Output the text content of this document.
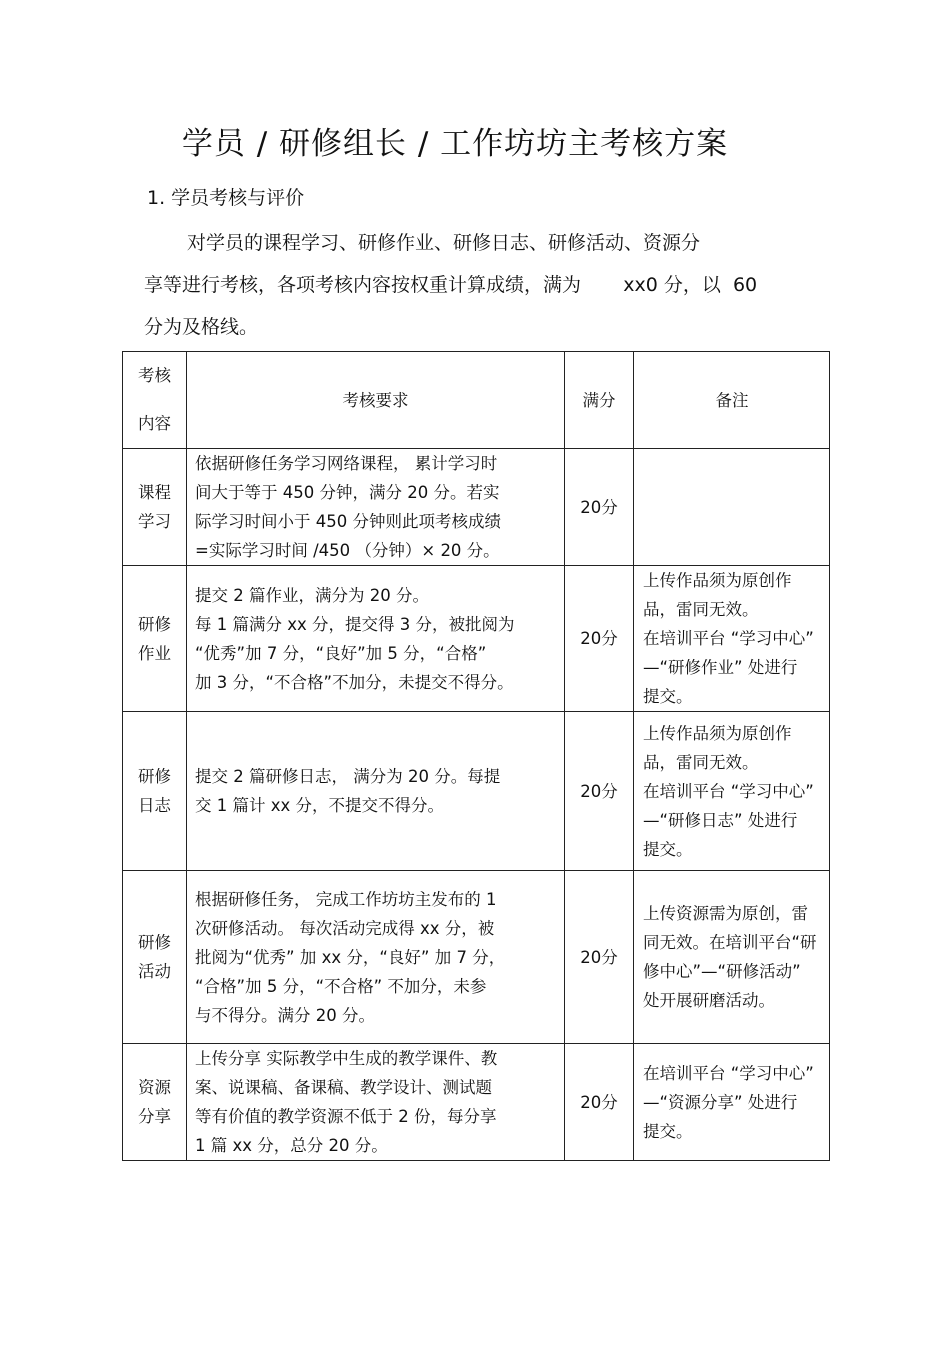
学员 / 研修组长 / 工作坊坊主考核方案

1. 学员考核与评价

对学员的课程学习、研修作业、研修日志、研修活动、资源分

享等进行考核，各项考核内容按权重计算成绩，满为       xx0 分，以  60

分为及格线。

考核
内容	考核要求	满分	备注

课程
学习	依据研修任务学习网络课程， 累计学习时
间大于等于 450 分钟，满分 20 分。若实
际学习时间小于 450 分钟则此项考核成绩
=实际学习时间 /450 （分钟）× 20 分。	20分	

研修
作业	提交 2 篇作业，满分为 20 分。
每 1 篇满分 xx 分，提交得 3 分，被批阅为
“优秀”加 7 分，“良好”加 5 分，“合格”
加 3 分，“不合格”不加分，未提交不得分。	20分	上传作品须为原创作
品，雷同无效。
在培训平台 “学习中心”
—“研修作业” 处进行
提交。

研修
日志	提交 2 篇研修日志， 满分为 20 分。每提
交 1 篇计 xx 分，不提交不得分。	20分	上传作品须为原创作
品，雷同无效。
在培训平台 “学习中心”
—“研修日志” 处进行
提交。

研修
活动	根据研修任务， 完成工作坊坊主发布的 1
次研修活动。 每次活动完成得 xx 分，被
批阅为“优秀” 加 xx 分，“良好” 加 7 分，
“合格”加 5 分，“不合格” 不加分，未参
与不得分。满分 20 分。	20分	上传资源需为原创，雷
同无效。在培训平台“研
修中心”—“研修活动”
处开展研磨活动。

资源
分享	上传分享 实际教学中生成的教学课件、教
案、说课稿、备课稿、教学设计、测试题
等有价值的教学资源不低于 2 份，每分享
1 篇 xx 分，总分 20 分。	20分	在培训平台 “学习中心”
—“资源分享” 处进行
提交。
